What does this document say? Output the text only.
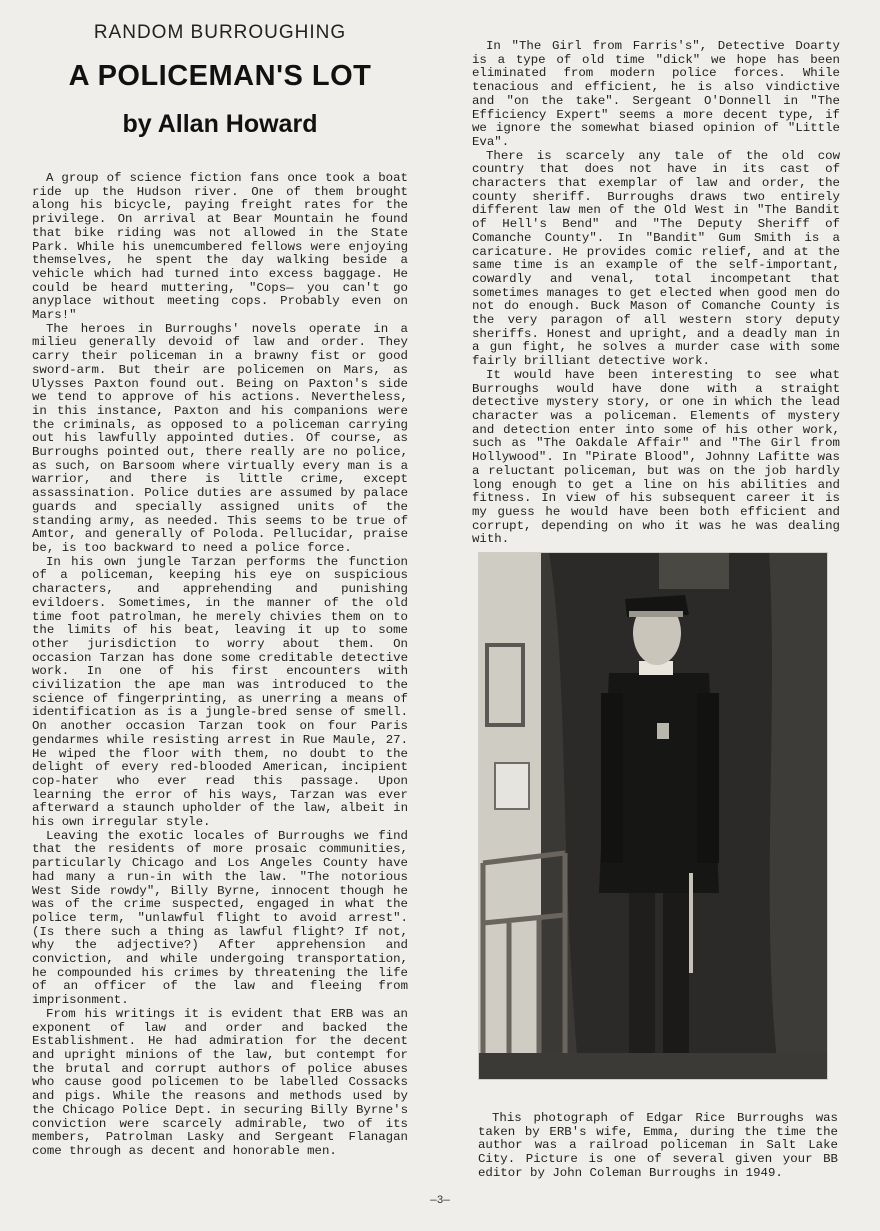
RANDOM BURROUGHING
A POLICEMAN'S LOT
by Allan Howard

A group of science fiction fans once took a boat ride up the Hudson river. One of them brought along his bicycle, paying freight rates for the privilege. On arrival at Bear Mountain he found that bike riding was not allowed in the State Park. While his unemcumbered fellows were enjoying themselves, he spent the day walking beside a vehicle which had turned into excess baggage. He could be heard muttering, "Cops— you can't go anyplace without meeting cops. Probably even on Mars!"

The heroes in Burroughs' novels operate in a milieu generally devoid of law and order. They carry their policeman in a brawny fist or good sword-arm. But their are policemen on Mars, as Ulysses Paxton found out. Being on Paxton's side we tend to approve of his actions. Nevertheless, in this instance, Paxton and his companions were the criminals, as opposed to a policeman carrying out his lawfully appointed duties. Of course, as Burroughs pointed out, there really are no police, as such, on Barsoom where virtually every man is a warrior, and there is little crime, except assassination. Police duties are assumed by palace guards and specially assigned units of the standing army, as needed. This seems to be true of Amtor, and generally of Poloda. Pellucidar, praise be, is too backward to need a police force.

In his own jungle Tarzan performs the function of a policeman, keeping his eye on suspicious characters, and apprehending and punishing evildoers. Sometimes, in the manner of the old time foot patrolman, he merely chivies them on to the limits of his beat, leaving it up to some other jurisdiction to worry about them. On occasion Tarzan has done some creditable detective work. In one of his first encounters with civilization the ape man was introduced to the science of fingerprinting, as unerring a means of identification as is a jungle-bred sense of smell. On another occasion Tarzan took on four Paris gendarmes while resisting arrest in Rue Maule, 27. He wiped the floor with them, no doubt to the delight of every red-blooded American, incipient cop-hater who ever read this passage. Upon learning the error of his ways, Tarzan was ever afterward a staunch upholder of the law, albeit in his own irregular style.

Leaving the exotic locales of Burroughs we find that the residents of more prosaic communities, particularly Chicago and Los Angeles County have had many a run-in with the law. "The notorious West Side rowdy", Billy Byrne, innocent though he was of the crime suspected, engaged in what the police term, "unlawful flight to avoid arrest". (Is there such a thing as lawful flight? If not, why the adjective?) After apprehension and conviction, and while undergoing transportation, he compounded his crimes by threatening the life of an officer of the law and fleeing from imprisonment.

From his writings it is evident that ERB was an exponent of law and order and backed the Establishment. He had admiration for the decent and upright minions of the law, but contempt for the brutal and corrupt authors of police abuses who cause good policemen to be labelled Cossacks and pigs. While the reasons and methods used by the Chicago Police Dept. in securing Billy Byrne's conviction were scarcely admirable, two of its members, Patrolman Lasky and Sergeant Flanagan come through as decent and honorable men.

In "The Girl from Farris's", Detective Doarty is a type of old time "dick" we hope has been eliminated from modern police forces. While tenacious and efficient, he is also vindictive and "on the take". Sergeant O'Donnell in "The Efficiency Expert" seems a more decent type, if we ignore the somewhat biased opinion of "Little Eva".

There is scarcely any tale of the old cow country that does not have in its cast of characters that exemplar of law and order, the county sheriff. Burroughs draws two entirely different law men of the Old West in "The Bandit of Hell's Bend" and "The Deputy Sheriff of Comanche County". In "Bandit" Gum Smith is a caricature. He provides comic relief, and at the same time is an example of the self-important, cowardly and venal, total incompetant that sometimes manages to get elected when good men do not do enough. Buck Mason of Comanche County is the very paragon of all western story deputy sheriffs. Honest and upright, and a deadly man in a gun fight, he solves a murder case with some fairly brilliant detective work.

It would have been interesting to see what Burroughs would have done with a straight detective mystery story, or one in which the lead character was a policeman. Elements of mystery and detection enter into some of his other work, such as "The Oakdale Affair" and "The Girl from Hollywood". In "Pirate Blood", Johnny Lafitte was a reluctant policeman, but was on the job hardly long enough to get a line on his abilities and fitness. In view of his subsequent career it is my guess he would have been both efficient and corrupt, depending on who it was he was dealing with.

This photograph of Edgar Rice Burroughs was taken by ERB's wife, Emma, during the time the author was a railroad policeman in Salt Lake City. Picture is one of several given your BB editor by John Coleman Burroughs in 1949.

—3—
